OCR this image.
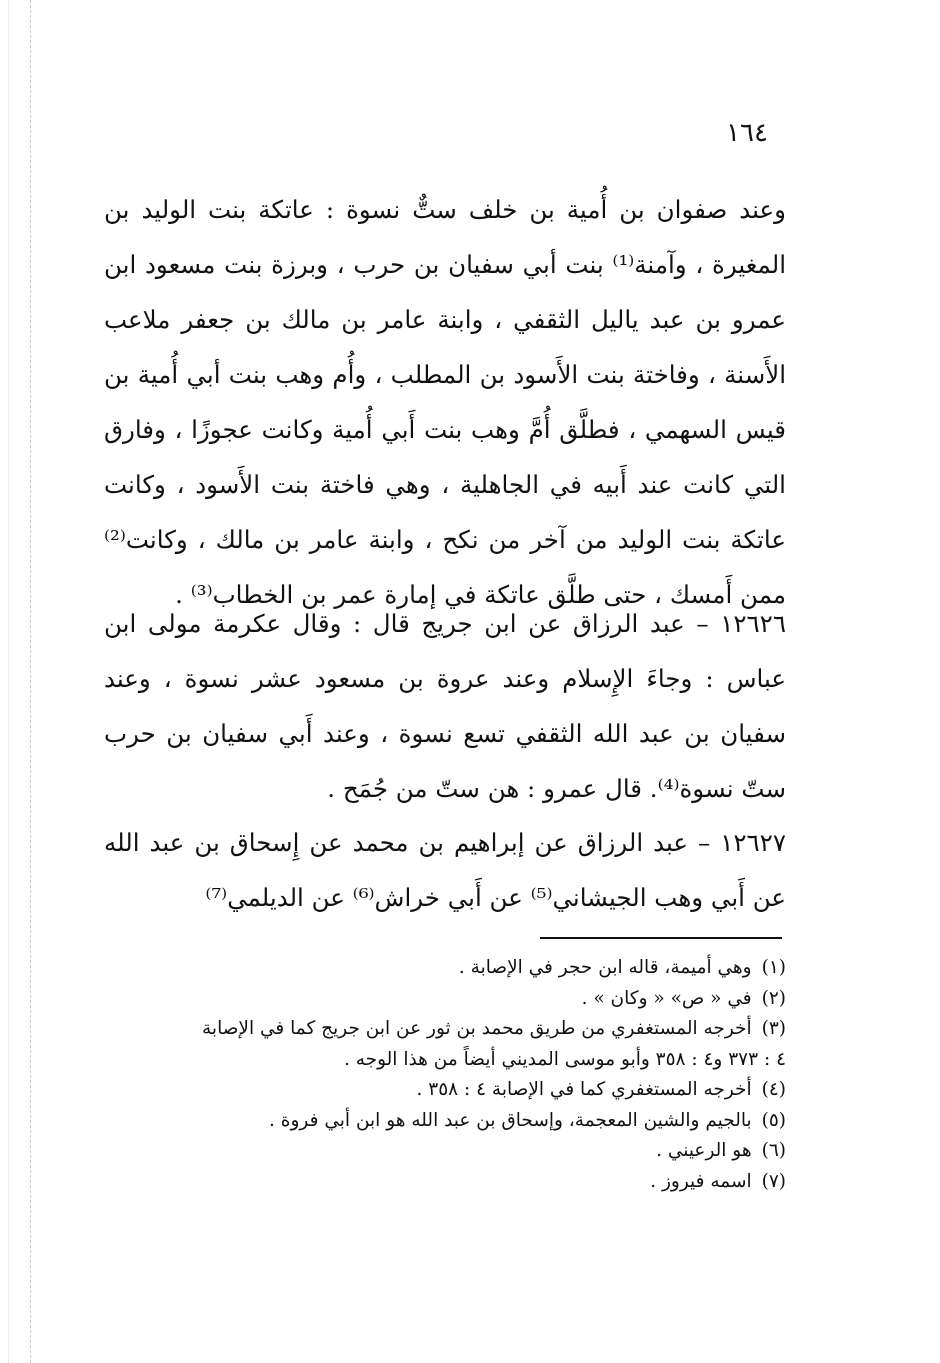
١٦٤

وعند صفوان بن أُمية بن خلف ستٌّ نسوة : عاتكة بنت الوليد بن المغيرة ، وآمنة⁽¹⁾ بنت أبي سفيان بن حرب ، وبرزة بنت مسعود ابن عمرو بن عبد ياليل الثقفي ، وابنة عامر بن مالك بن جعفر ملاعب الأَسنة ، وفاختة بنت الأَسود بن المطلب ، وأُم وهب بنت أبي أُمية بن قيس السهمي ، فطلَّق أُمَّ وهب بنت أَبي أُمية وكانت عجوزًا ، وفارق التي كانت عند أَبيه في الجاهلية ، وهي فاختة بنت الأَسود ، وكانت عاتكة بنت الوليد من آخر من نكح ، وابنة عامر بن مالك ، وكانت⁽²⁾ ممن أَمسك ، حتى طلَّق عاتكة في إمارة عمر بن الخطاب⁽³⁾ .

١٢٦٢٦ – عبد الرزاق عن ابن جريج قال : وقال عكرمة مولى ابن عباس : وجاءَ الإِسلام وعند عروة بن مسعود عشر نسوة ، وعند سفيان بن عبد الله الثقفي تسع نسوة ، وعند أَبي سفيان بن حرب ستّ نسوة⁽⁴⁾. قال عمرو : هن ستّ من جُمَح .

١٢٦٢٧ – عبد الرزاق عن إبراهيم بن محمد عن إِسحاق بن عبد الله عن أَبي وهب الجيشاني⁽⁵⁾ عن أَبي خراش⁽⁶⁾ عن الديلمي⁽⁷⁾

(١)وهي أميمة، قاله ابن حجر في الإصابة .
(٢)في « ص» « وكان » .
(٣)أخرجه المستغفري من طريق محمد بن ثور عن ابن جريج كما في الإصابة
٤ : ٣٧٣ و٤ : ٣٥٨ وأبو موسى المديني أيضاً من هذا الوجه .
(٤)أخرجه المستغفري كما في الإصابة ٤ : ٣٥٨ .
(٥)بالجيم والشين المعجمة، وإسحاق بن عبد الله هو ابن أبي فروة .
(٦)هو الرعيني .
(٧)اسمه فيروز .
